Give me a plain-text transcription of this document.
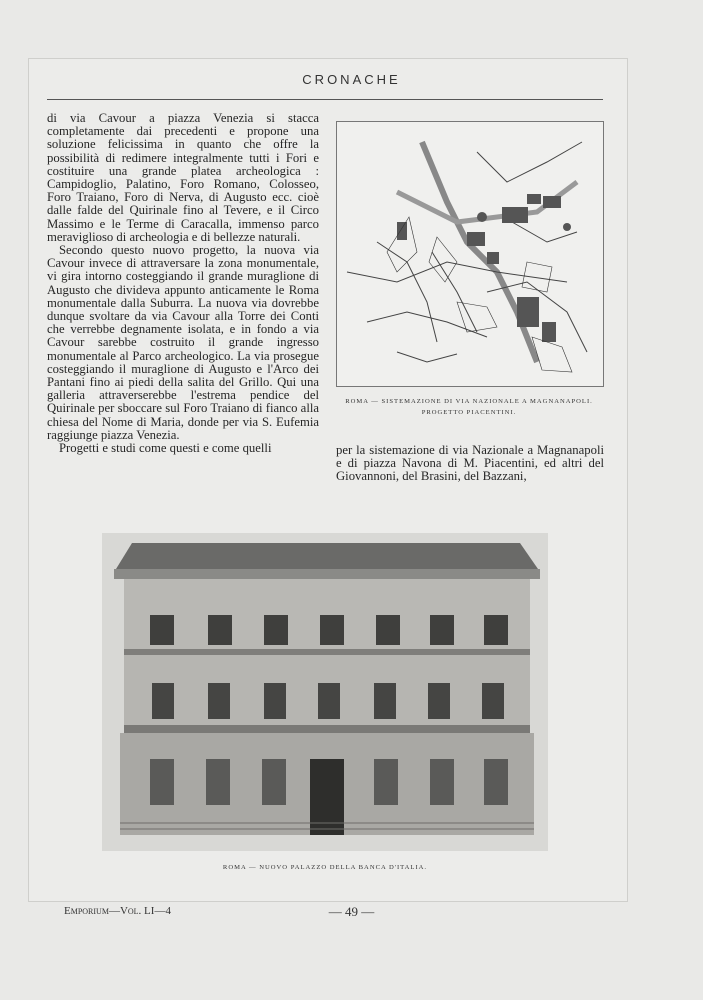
CRONACHE

di via Cavour a piazza Venezia si stacca completamente dai precedenti e propone una soluzione felicissima in quanto che offre la possibilità di redimere integralmente tutti i Fori e costituire una grande platea archeologica : Campidoglio, Palatino, Foro Romano, Colosseo, Foro Traiano, Foro di Nerva, di Augusto ecc. cioè dalle falde del Quirinale fino al Tevere, e il Circo Massimo e le Terme di Caracalla, immenso parco meraviglioso di archeologia e di bellezze naturali.

Secondo questo nuovo progetto, la nuova via Cavour invece di attraversare la zona monumentale, vi gira intorno costeggiando il grande muraglione di Augusto che divideva appunto anticamente le Roma monumentale dalla Suburra. La nuova via dovrebbe dunque svoltare da via Cavour alla Torre dei Conti che verrebbe degnamente isolata, e in fondo a via Cavour sarebbe costruito il grande ingresso monumentale al Parco archeologico. La via prosegue costeggiando il muraglione di Augusto e l'Arco dei Pantani fino ai piedi della salita del Grillo. Qui una galleria attraverserebbe l'estrema pendice del Quirinale per sboccare sul Foro Traiano di fianco alla chiesa del Nome di Maria, donde per via S. Eufemia raggiunge piazza Venezia.

Progetti e studi come questi e come quelli

ROMA — SISTEMAZIONE DI VIA NAZIONALE A MAGNANAPOLI.
PROGETTO PIACENTINI.

per la sistemazione di via Nazionale a Magnanapoli e di piazza Navona di M. Piacentini, ed altri del Giovannoni, del Brasini, del Bazzani,

ROMA — NUOVO PALAZZO DELLA BANCA D'ITALIA.
Emporium—Vol. LI—4	— 49 —
